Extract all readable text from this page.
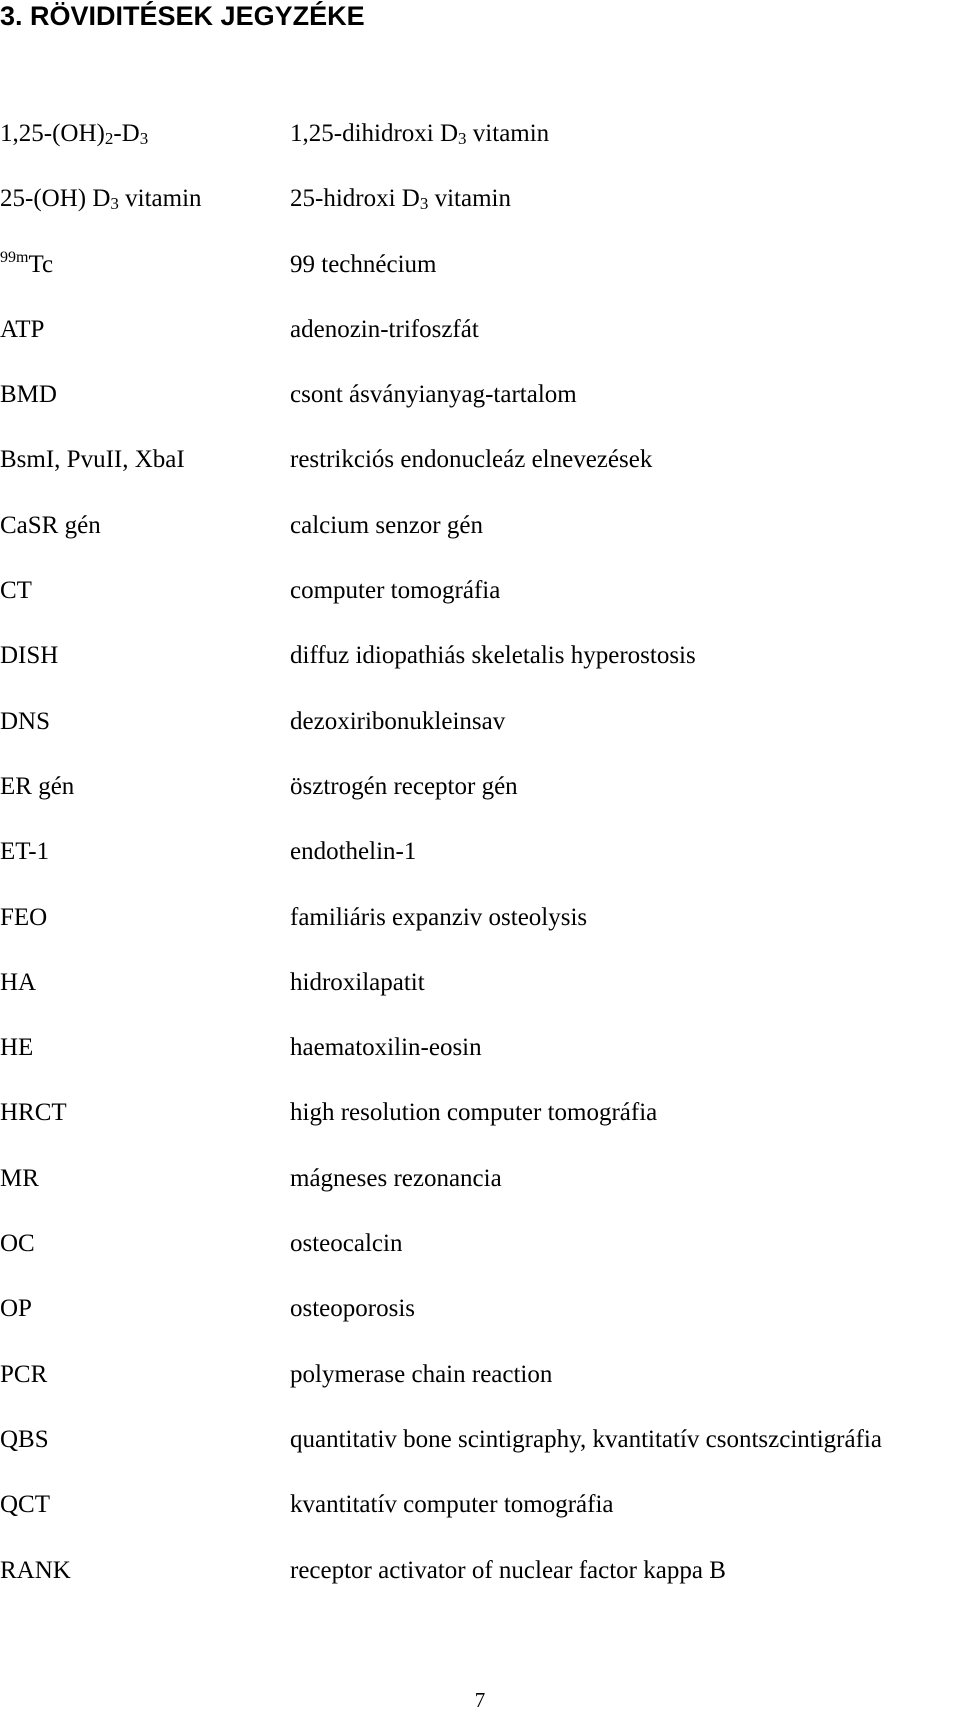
3. RÖVIDITÉSEK JEGYZÉKE
$1,25-(OH)_2-D_3$	1,25-dihidroxi $D_3$ vitamin
25-(OH) $D_3$ vitamin	25-hidroxi $D_3$ vitamin
$^{99m}$Tc	99 technécium
ATP	adenozin-trifoszfát
BMD	csont ásványianyag-tartalom
BsmI, PvuII, XbaI	restrikciós endonucleáz elnevezések
CaSR gén	calcium senzor gén
CT	computer tomográfia
DISH	diffuz idiopathiás skeletalis hyperostosis
DNS	dezoxiribonukleinsav
ER gén	ösztrogén receptor gén
ET-1	endothelin-1
FEO	familiáris expanziv osteolysis
HA	hidroxilapatit
HE	haematoxilin-eosin
HRCT	high resolution computer tomográfia
MR	mágneses rezonancia
OC	osteocalcin
OP	osteoporosis
PCR	polymerase chain reaction
QBS	quantitativ bone scintigraphy, kvantitatív csontszcintigráfia
QCT	kvantitatív computer tomográfia
RANK	receptor activator of nuclear factor kappa B

7
